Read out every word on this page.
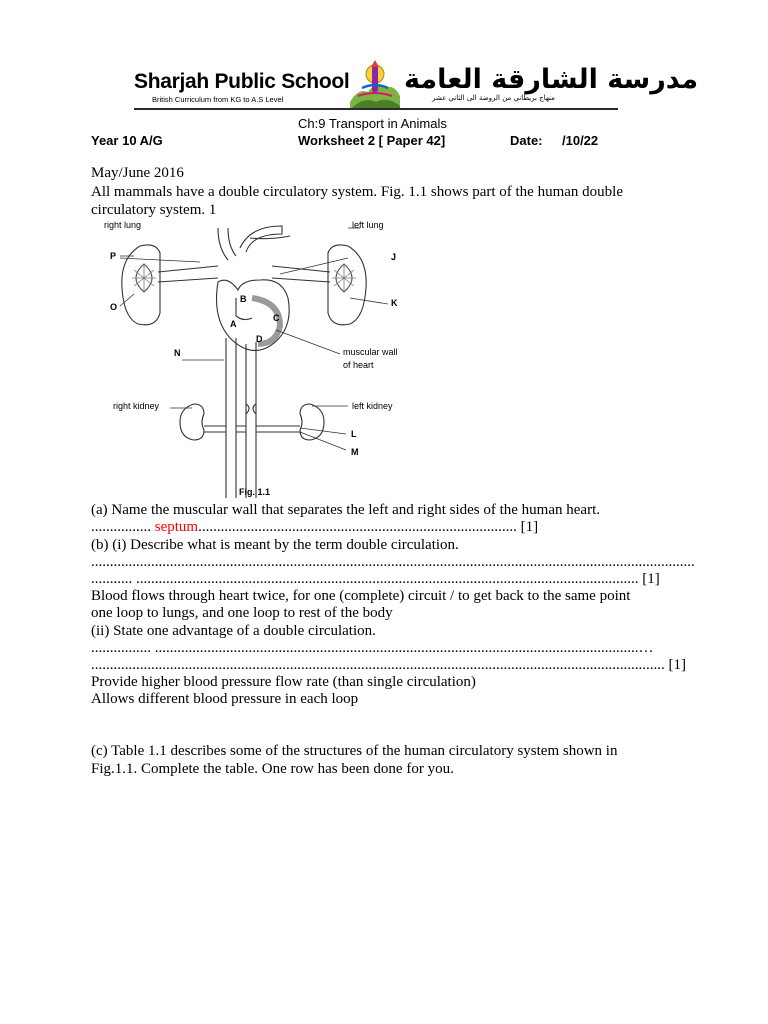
Sharjah Public School
British Curriculum from KG to A.S Level
مدرسة الشارقة العامة
منهاج بريطاني من الروضة الى الثاني عشر
Ch:9 Transport in Animals
Year 10 A/G	Worksheet 2 [ Paper 42]	Date: /10/22
May/June 2016
All mammals have a double circulatory system. Fig. 1.1 shows part of the human double
circulatory system. 1
right lung	left lung
P	J
O	K
B
C
A
D
N	muscular wall
of heart
right kidney	left kidney
L
M
Fig. 1.1
(a) Name the muscular wall that separates the left and right sides of the human heart.
................ septum..................................................................................... [1]
(b) (i) Describe what is meant by the term double circulation.
.................................................................................................................................................................
........... ...................................................................................................................................... [1]
Blood flows through heart twice, for one (complete) circuit / to get back to the same point
one loop to lungs, and one loop to rest of the body
(ii) State one advantage of a double circulation.
................ .................................................................................................................................…
......................................................................................................................................................... [1]
Provide higher blood pressure flow rate (than single circulation)
Allows different blood pressure in each loop
(c) Table 1.1 describes some of the structures of the human circulatory system shown in
Fig.1.1. Complete the table. One row has been done for you.
